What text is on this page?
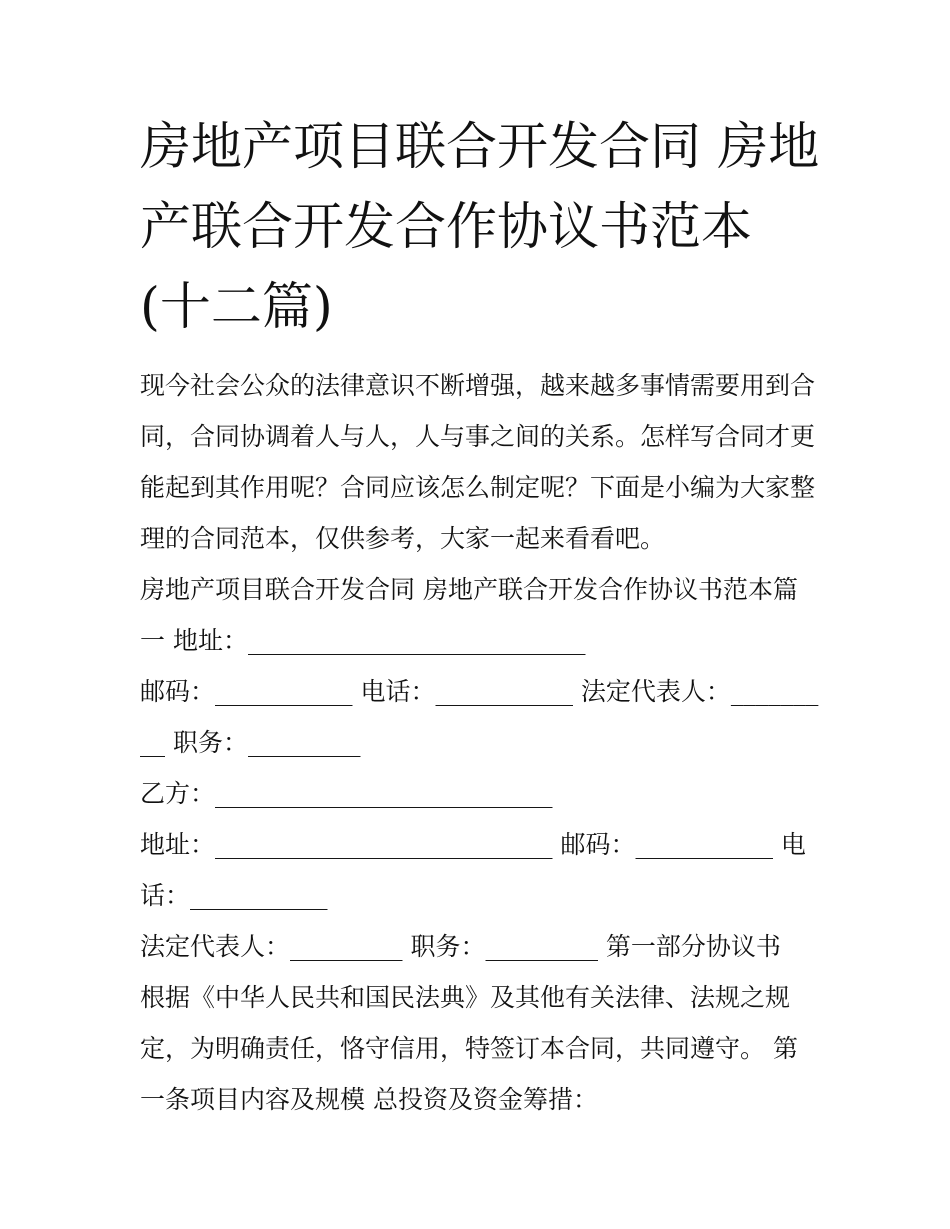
房地产项目联合开发合同 房地产联合开发合作协议书范本(十二篇)

现今社会公众的法律意识不断增强，越来越多事情需要用到合同，合同协调着人与人，人与事之间的关系。怎样写合同才更能起到其作用呢？合同应该怎么制定呢？下面是小编为大家整理的合同范本，仅供参考，大家一起来看看吧。

房地产项目联合开发合同 房地产联合开发合作协议书范本篇一 地址：___________________________

邮码：___________ 电话：___________ 法定代表人：_________ 职务：_________

乙方：___________________________

地址：___________________________ 邮码：___________ 电话：___________

法定代表人：_________ 职务：_________ 第一部分协议书

根据《中华人民共和国民法典》及其他有关法律、法规之规定，为明确责任，恪守信用，特签订本合同，共同遵守。 第一条项目内容及规模 总投资及资金筹措：
